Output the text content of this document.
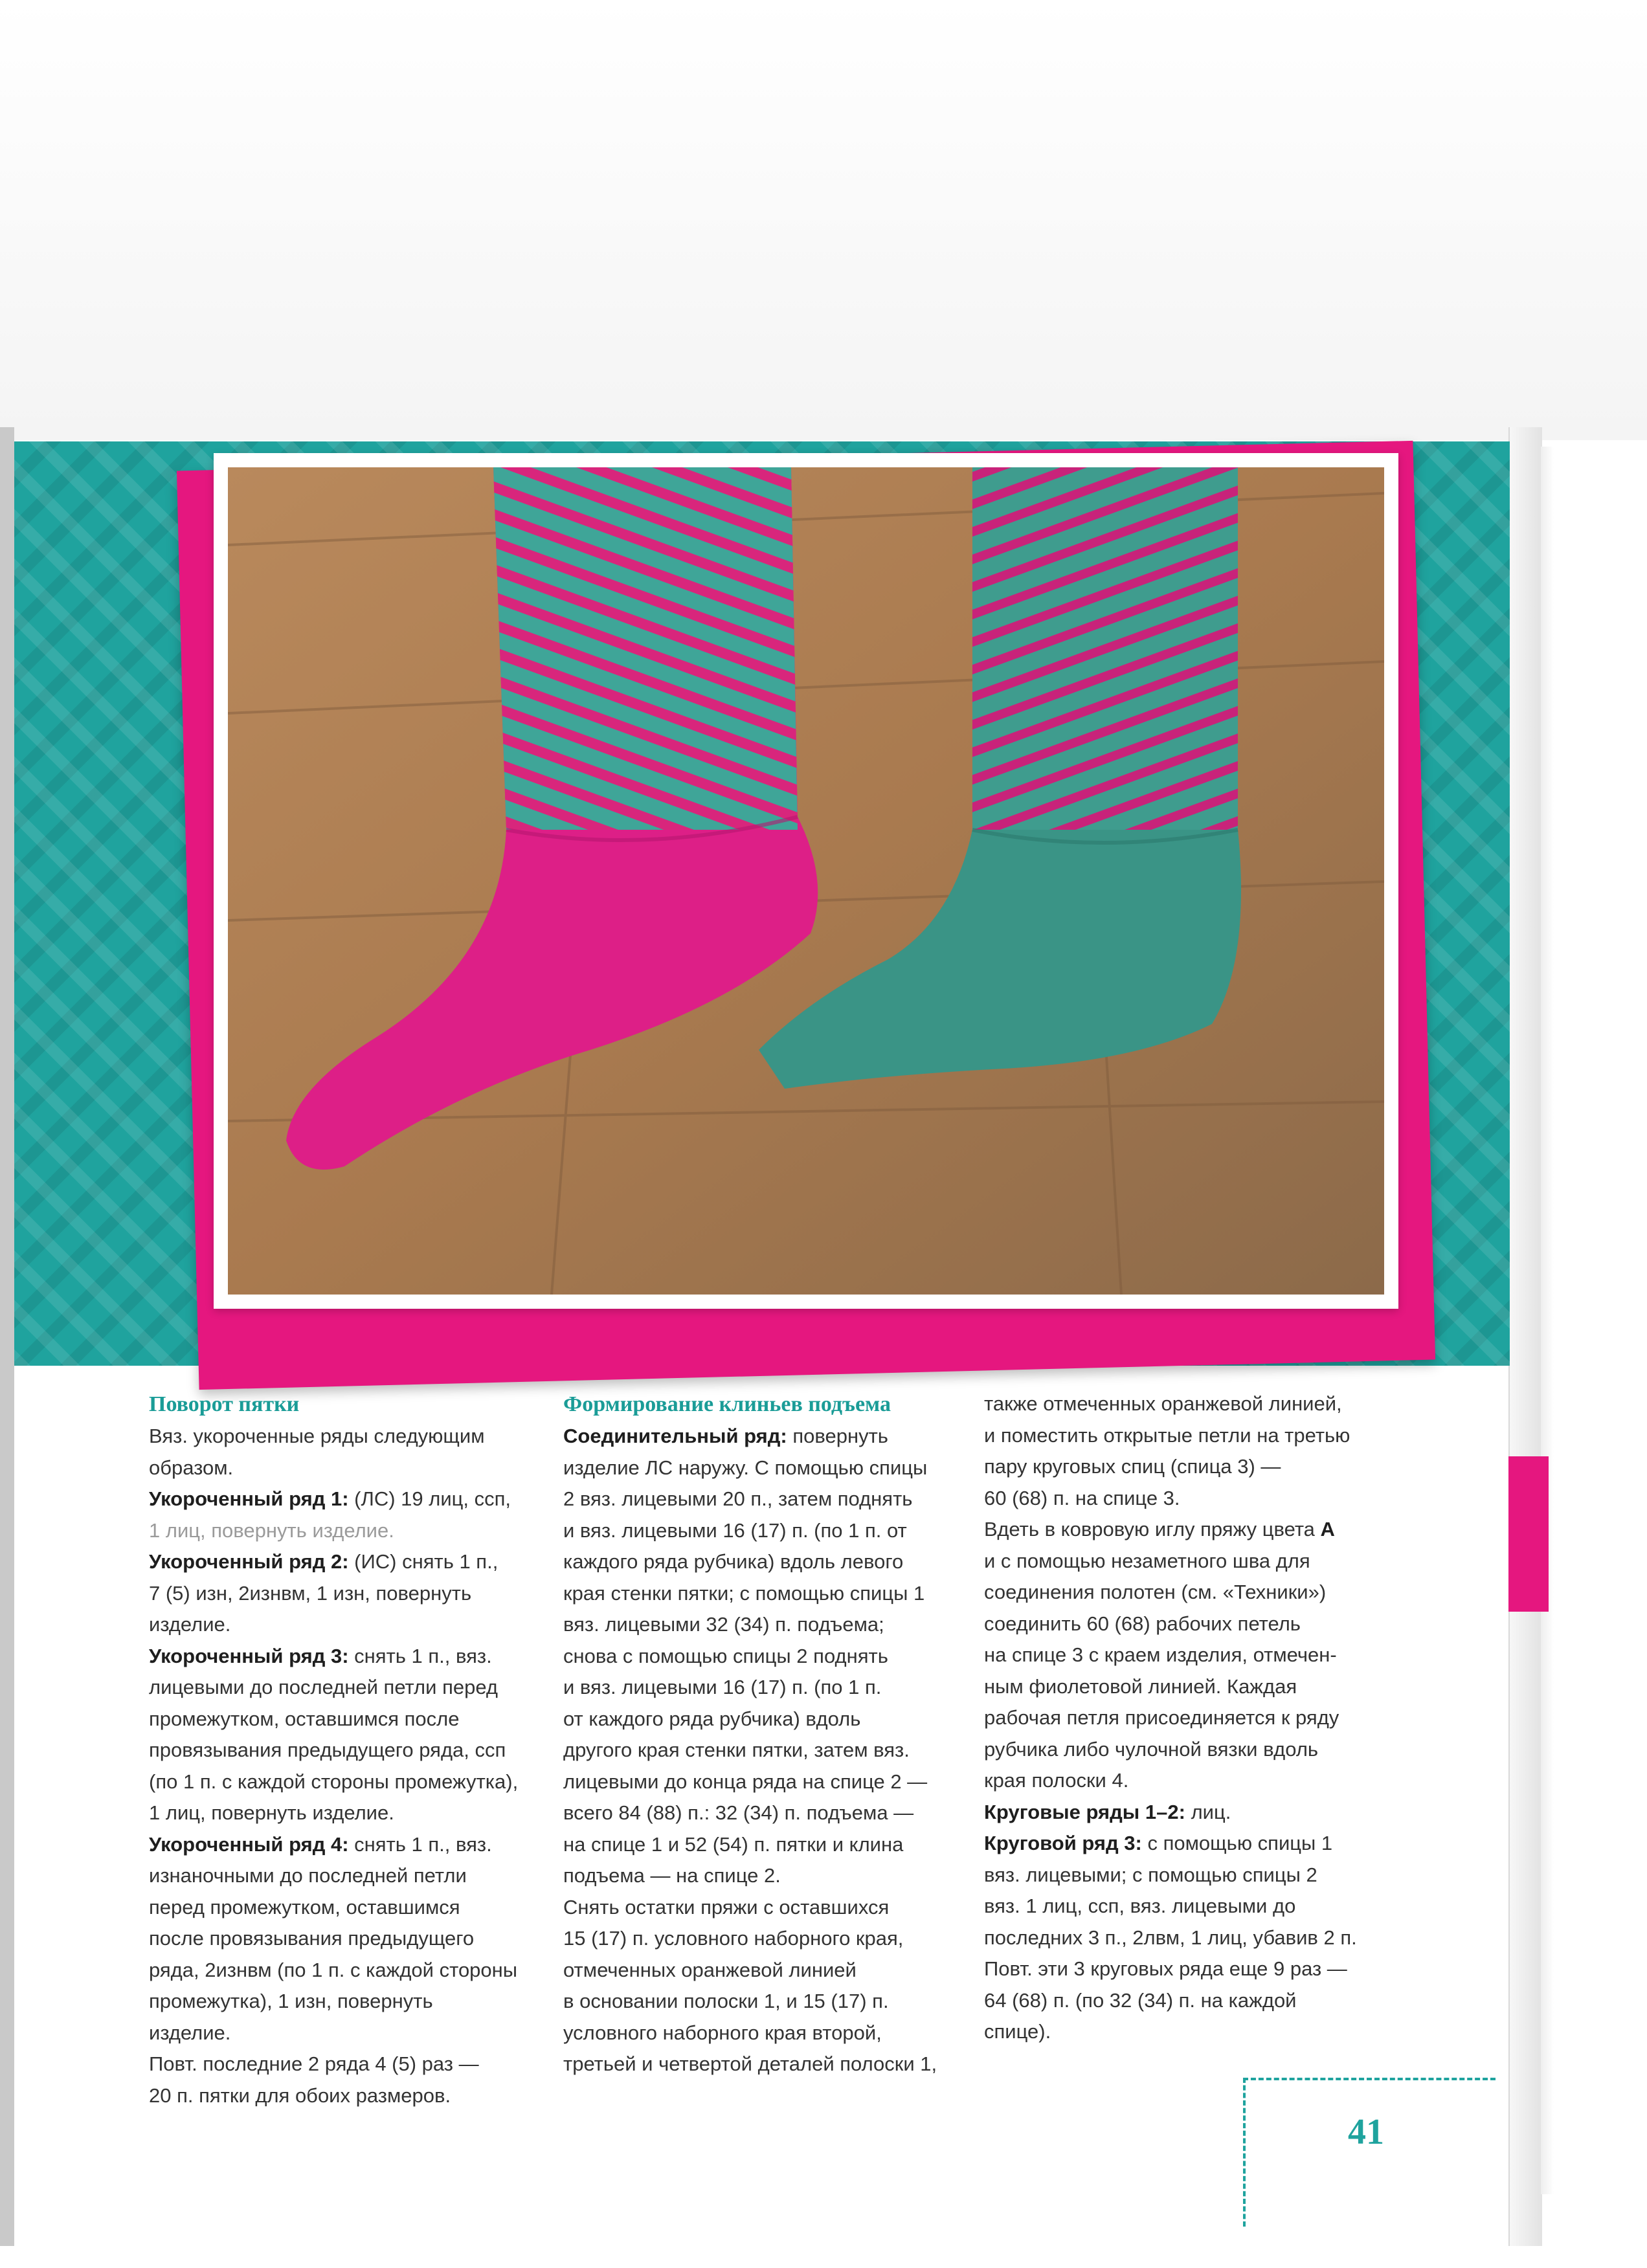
Поворот пятки

Вяз. укороченные ряды следующим

образом.

Укороченный ряд 1: (ЛС) 19 лиц, ссп,

1 лиц, повернуть изделие.

Укороченный ряд 2: (ИС) снять 1 п.,

7 (5) изн, 2изнвм, 1 изн, повернуть

изделие.

Укороченный ряд 3: снять 1 п., вяз.

лицевыми до последней петли перед

промежутком, оставшимся после

провязывания предыдущего ряда, ссп

(по 1 п. с каждой стороны промежутка),

1 лиц, повернуть изделие.

Укороченный ряд 4: снять 1 п., вяз.

изнаночными до последней петли

перед промежутком, оставшимся

после провязывания предыдущего

ряда, 2изнвм (по 1 п. с каждой стороны

промежутка), 1 изн, повернуть

изделие.

Повт. последние 2 ряда 4 (5) раз —

20 п. пятки для обоих размеров.

Формирование клиньев подъема

Соединительный ряд: повернуть

изделие ЛС наружу. С помощью спицы

2 вяз. лицевыми 20 п., затем поднять

и вяз. лицевыми 16 (17) п. (по 1 п. от

каждого ряда рубчика) вдоль левого

края стенки пятки; с помощью спицы 1

вяз. лицевыми 32 (34) п. подъема;

снова с помощью спицы 2 поднять

и вяз. лицевыми 16 (17) п. (по 1 п.

от каждого ряда рубчика) вдоль

другого края стенки пятки, затем вяз.

лицевыми до конца ряда на спице 2 —

всего 84 (88) п.: 32 (34) п. подъема —

на спице 1 и 52 (54) п. пятки и клина

подъема — на спице 2.

Снять остатки пряжи с оставшихся

15 (17) п. условного наборного края,

отмеченных оранжевой линией

в основании полоски 1, и 15 (17) п.

условного наборного края второй,

третьей и четвертой деталей полоски 1,

также отмеченных оранжевой линией,

и поместить открытые петли на третью

пару круговых спиц (спица 3) —

60 (68) п. на спице 3.

Вдеть в ковровую иглу пряжу цвета А

и с помощью незаметного шва для

соединения полотен (см. «Техники»)

соединить 60 (68) рабочих петель

на спице 3 с краем изделия, отмечен-

ным фиолетовой линией. Каждая

рабочая петля присоединяется к ряду

рубчика либо чулочной вязки вдоль

края полоски 4.

Круговые ряды 1–2: лиц.

Круговой ряд 3: с помощью спицы 1

вяз. лицевыми; с помощью спицы 2

вяз. 1 лиц, ссп, вяз. лицевыми до

последних 3 п., 2лвм, 1 лиц, убавив 2 п.

Повт. эти 3 круговых ряда еще 9 раз —

64 (68) п. (по 32 (34) п. на каждой

спице).

41
